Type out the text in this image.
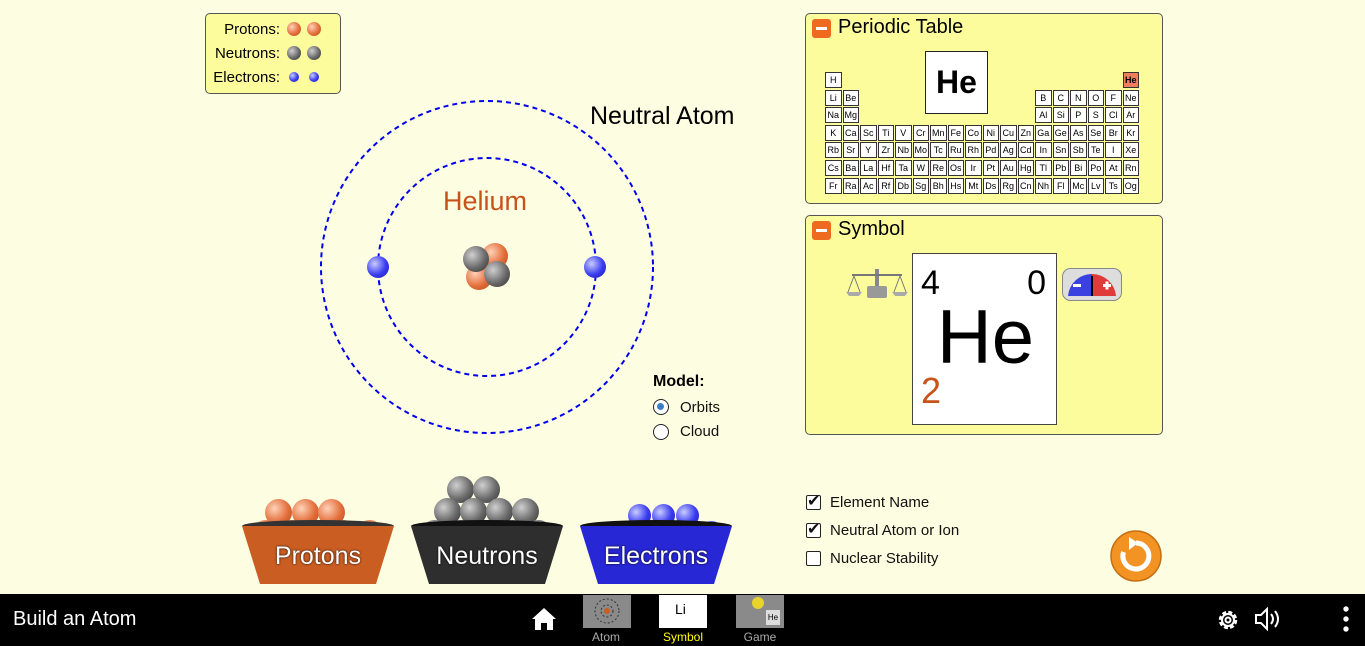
Protons:
Neutrons:
Electrons:
Neutral Atom
Helium
Model:
Orbits
Cloud
Periodic Table
He
H	He
Li Be	B	C	N	O	F Ne
Na Mg	Al	Si	P	S	Cl Ar
K Ca Sc Ti	V	Cr Mn Fe Co Ni Cu Zn Ga Ge As Se Br Kr
Rb Sr	Y	Zr Nb Mo Tc Ru Rh Pd Ag Cd In Sn Sb Te	I	Xe
Cs Ba La Hf Ta W Re Os	Ir	Pt Au Hg Tl Pb Bi Po At Rn
Fr Ra Ac Rf Db Sg Bh Hs Mt Ds Rg Cn Nh Fl Mc Lv Ts Og
Symbol
4	0
He
2
Protons	Neutrons	Electrons
✔
Element Name
✔
Neutral Atom or Ion
Nuclear Stability
Build an Atom
Atom
Li
Symbol
He
Game
